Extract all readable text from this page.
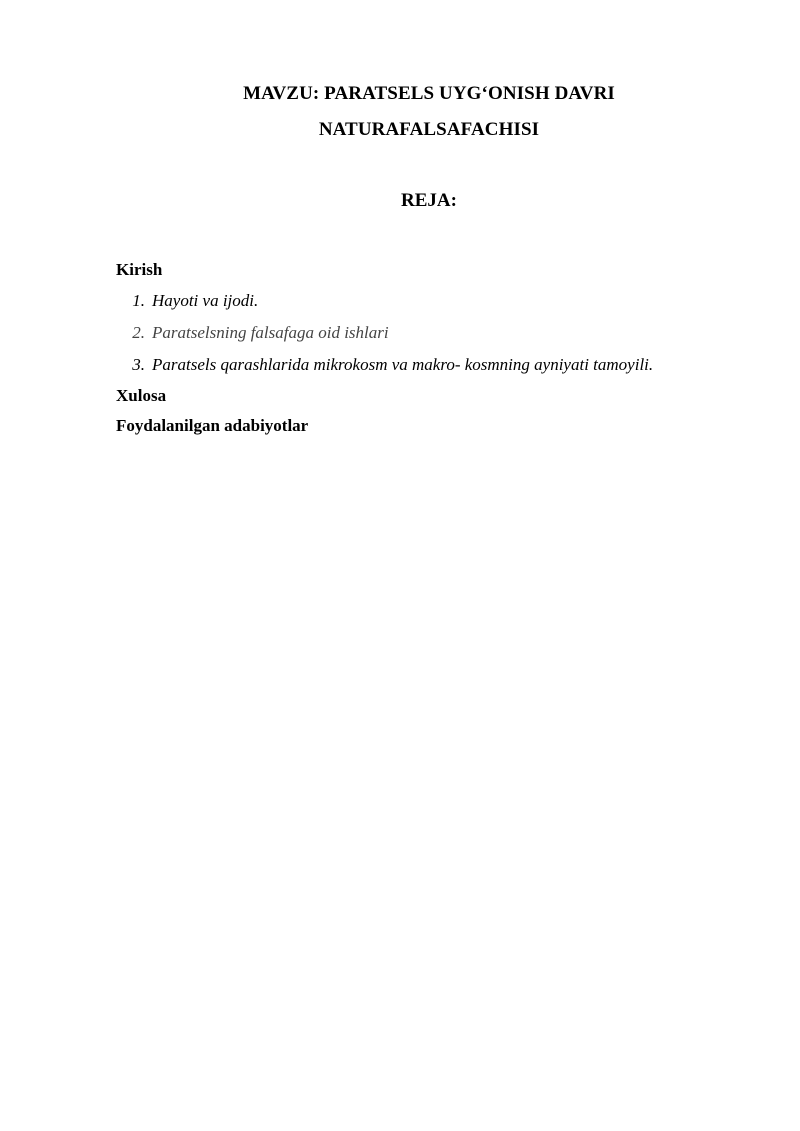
MAVZU: PARATSELS UYG‘ONISH DAVRI
NATURAFALSAFACHISI
REJA:

Kirish

1. Hayoti va ijodi.
2. Paratselsning falsafaga oid ishlari
3. Paratsels qarashlarida mikrokosm va makro- kosmning ayniyati tamoyili.

Xulosa

Foydalanilgan adabiyotlar
